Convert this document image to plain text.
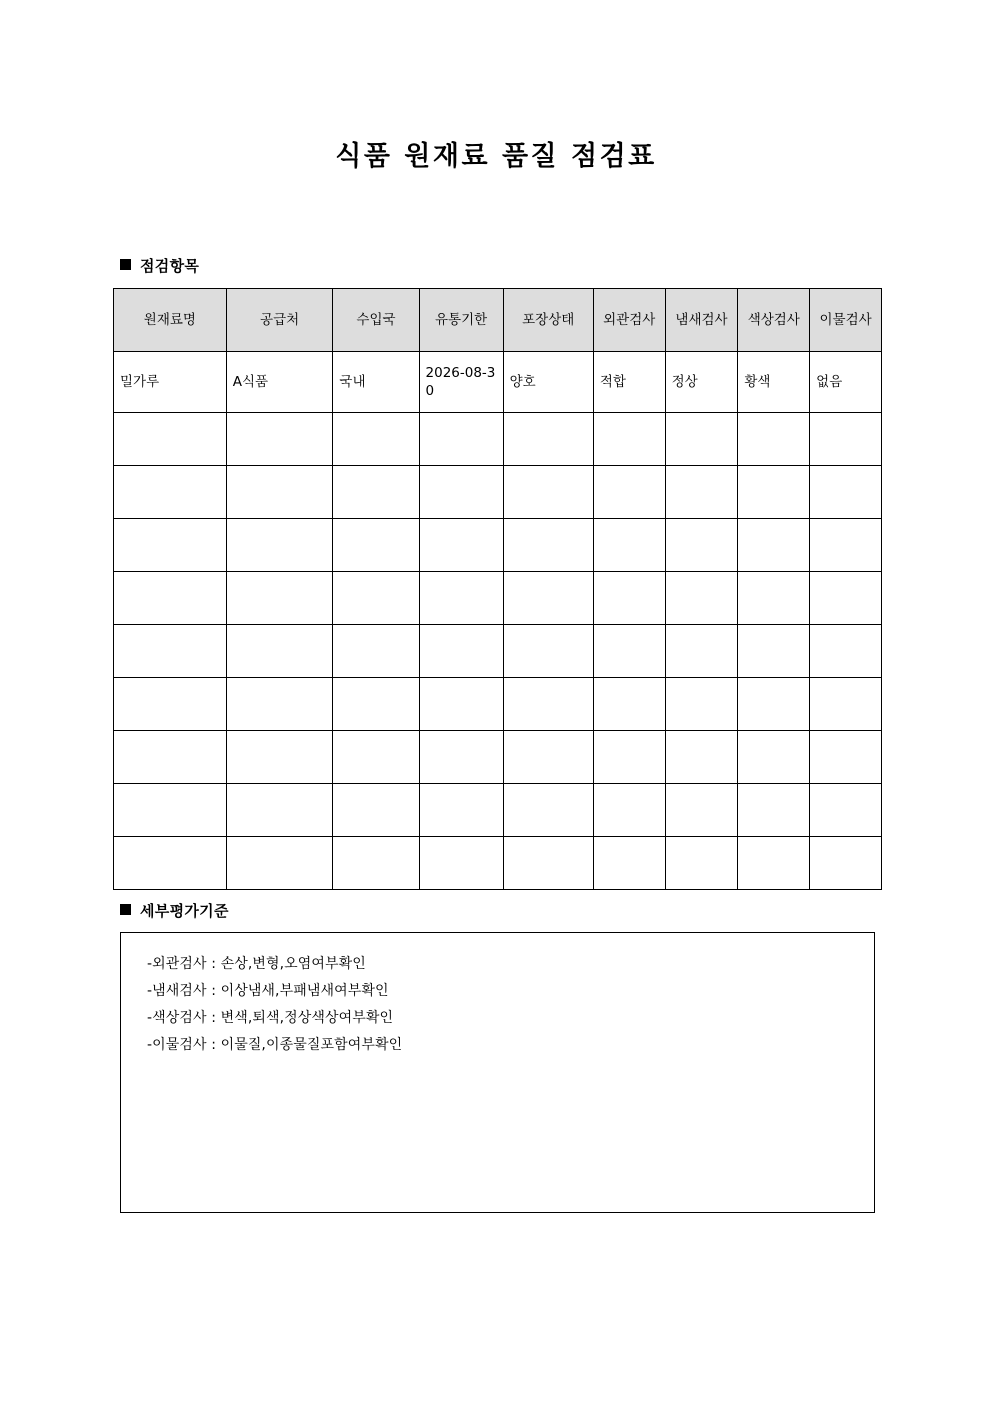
식품 원재료 품질 점검표
점검항목
원재료명	공급처	수입국	유통기한	포장상태	외관검사	냄새검사	색상검사	이물검사
밀가루	A식품	국내	2026-08-30	양호	적합	정상	황색	없음

세부평가기준
-외관검사 : 손상,변형,오염여부확인
-냄새검사 : 이상냄새,부패냄새여부확인
-색상검사 : 변색,퇴색,정상색상여부확인
-이물검사 : 이물질,이종물질포함여부확인
